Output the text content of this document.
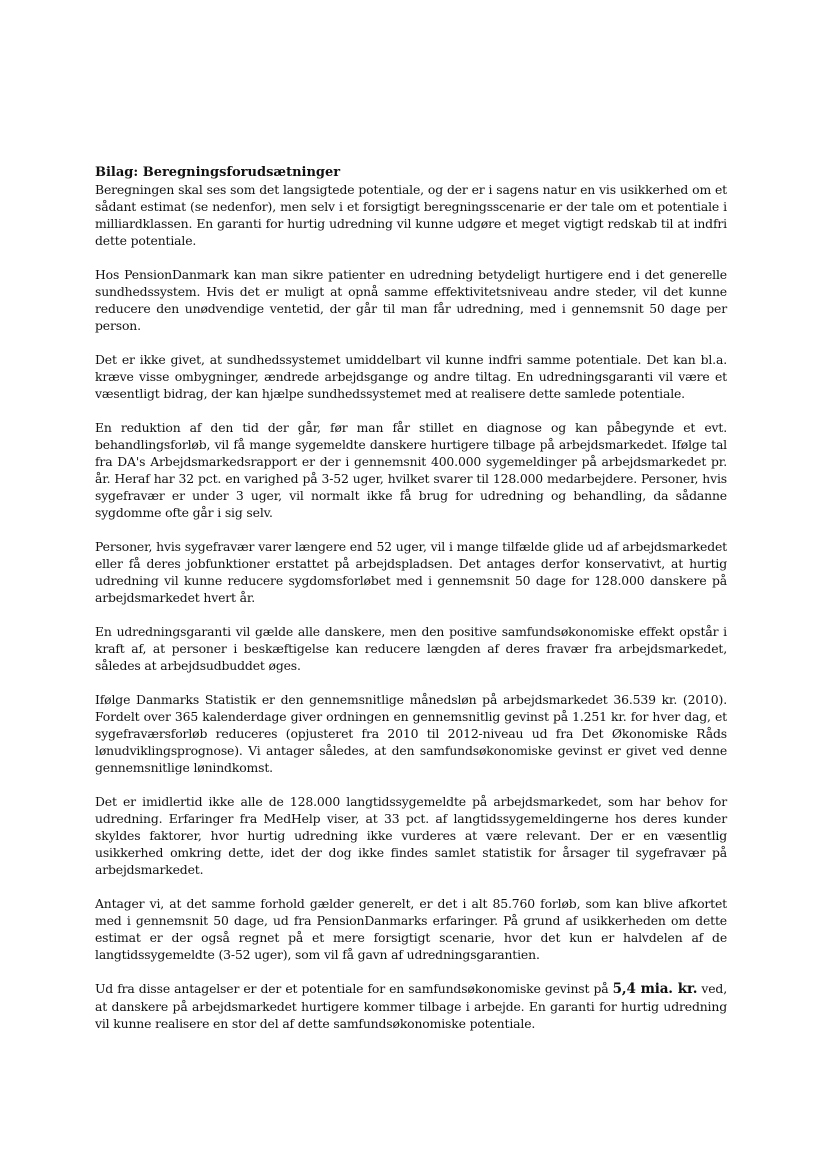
Bilag: Beregningsforudsætninger

Beregningen skal ses som det langsigtede potentiale, og der er i sagens natur en vis usikkerhed om et sådant estimat (se nedenfor), men selv i et forsigtigt beregningsscenarie er der tale om et potentiale i milliardklassen. En garanti for hurtig udredning vil kunne udgøre et meget vigtigt redskab til at indfri dette potentiale.

Hos PensionDanmark kan man sikre patienter en udredning betydeligt hurtigere end i det generelle sundhedssystem. Hvis det er muligt at opnå samme effektivitetsniveau andre steder, vil det kunne reducere den unødvendige ventetid, der går til man får udredning, med i gennemsnit 50 dage per person.

Det er ikke givet, at sundhedssystemet umiddelbart vil kunne indfri samme potentiale. Det kan bl.a. kræve visse ombygninger, ændrede arbejdsgange og andre tiltag. En udredningsgaranti vil være et væsentligt bidrag, der kan hjælpe sundhedssystemet med at realisere dette samlede potentiale.

En reduktion af den tid der går, før man får stillet en diagnose og kan påbegynde et evt. behandlingsforløb, vil få mange sygemeldte danskere hurtigere tilbage på arbejdsmarkedet. Ifølge tal fra DA's Arbejdsmarkedsrapport er der i gennemsnit 400.000 sygemeldinger på arbejdsmarkedet pr. år. Heraf har 32 pct. en varighed på 3-52 uger, hvilket svarer til 128.000 medarbejdere. Personer, hvis sygefravær er under 3 uger, vil normalt ikke få brug for udredning og behandling, da sådanne sygdomme ofte går i sig selv.

Personer, hvis sygefravær varer længere end 52 uger, vil i mange tilfælde glide ud af arbejdsmarkedet eller få deres jobfunktioner erstattet på arbejdspladsen. Det antages derfor konservativt, at hurtig udredning vil kunne reducere sygdomsforløbet med i gennemsnit 50 dage for 128.000 danskere på arbejdsmarkedet hvert år.

En udredningsgaranti vil gælde alle danskere, men den positive samfundsøkonomiske effekt opstår i kraft af, at personer i beskæftigelse kan reducere længden af deres fravær fra arbejdsmarkedet, således at arbejdsudbuddet øges.

Ifølge Danmarks Statistik er den gennemsnitlige månedsløn på arbejdsmarkedet 36.539 kr. (2010). Fordelt over 365 kalenderdage giver ordningen en gennemsnitlig gevinst på 1.251 kr. for hver dag, et sygefraværsforløb reduceres (opjusteret fra 2010 til 2012-niveau ud fra Det Økonomiske Råds lønudviklingsprognose). Vi antager således, at den samfundsøkonomiske gevinst er givet ved denne gennemsnitlige lønindkomst.

Det er imidlertid ikke alle de 128.000 langtidssygemeldte på arbejdsmarkedet, som har behov for udredning. Erfaringer fra MedHelp viser, at 33 pct. af langtidssygemeldingerne hos deres kunder skyldes faktorer, hvor hurtig udredning ikke vurderes at være relevant. Der er en væsentlig usikkerhed omkring dette, idet der dog ikke findes samlet statistik for årsager til sygefravær på arbejdsmarkedet.

Antager vi, at det samme forhold gælder generelt, er det i alt 85.760 forløb, som kan blive afkortet med i gennemsnit 50 dage, ud fra PensionDanmarks erfaringer. På grund af usikkerheden om dette estimat er der også regnet på et mere forsigtigt scenarie, hvor det kun er halvdelen af de langtidssygemeldte (3-52 uger), som vil få gavn af udredningsgarantien.

Ud fra disse antagelser er der et potentiale for en samfundsøkonomiske gevinst på 5,4 mia. kr. ved, at danskere på arbejdsmarkedet hurtigere kommer tilbage i arbejde. En garanti for hurtig udredning vil kunne realisere en stor del af dette samfundsøkonomiske potentiale.
